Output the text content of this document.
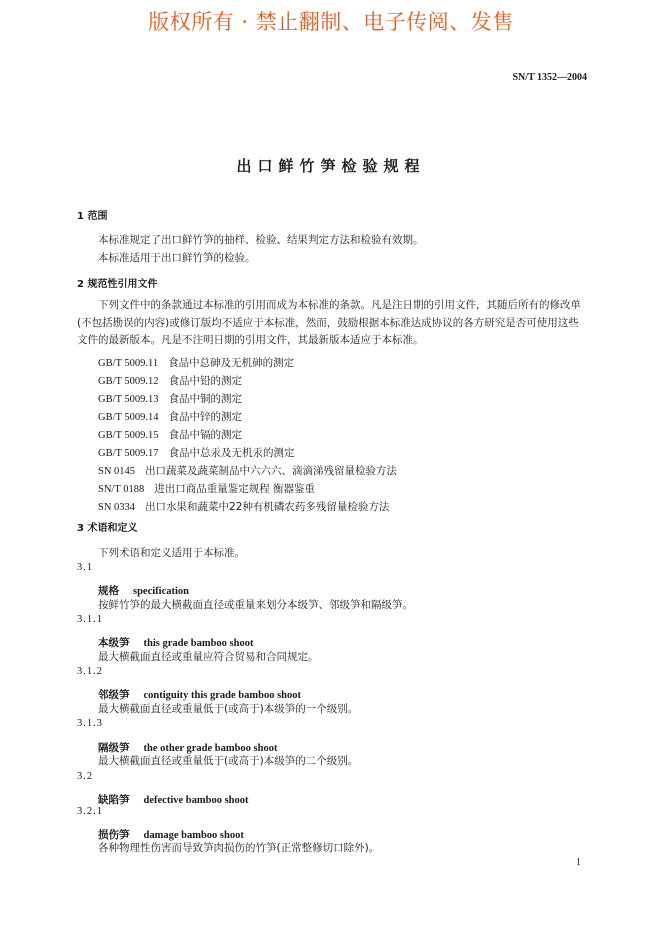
版权所有 · 禁止翻制、电子传阅、发售
SN/T 1352—2004
出口鲜竹笋检验规程
1 范围
本标准规定了出口鲜竹笋的抽样、检验、结果判定方法和检验有效期。
本标准适用于出口鲜竹笋的检验。
2 规范性引用文件
下列文件中的条款通过本标准的引用而成为本标准的条款。凡是注日期的引用文件，其随后所有的修改单(不包括勘误的内容)或修订版均不适应于本标准，然而，鼓励根据本标准达成协议的各方研究是否可使用这些文件的最新版本。凡是不注明日期的引用文件，其最新版本适应于本标准。
GB/T 5009.11 食品中总砷及无机砷的测定
GB/T 5009.12 食品中铅的测定
GB/T 5009.13 食品中铜的测定
GB/T 5009.14 食品中锌的测定
GB/T 5009.15 食品中镉的测定
GB/T 5009.17 食品中总汞及无机汞的测定
SN 0145 出口蔬菜及蔬菜制品中六六六、滴滴涕残留量检验方法
SN/T 0188 进出口商品重量鉴定规程 衡器鉴重
SN 0334 出口水果和蔬菜中22种有机磷农药多残留量检验方法
3 术语和定义
下列术语和定义适用于本标准。
3.1
规格 specification
按鲜竹笋的最大横截面直径或重量来划分本级笋、邻级笋和隔级笋。
3.1.1
本级笋 this grade bamboo shoot
最大横截面直径或重量应符合贸易和合同规定。
3.1.2
邻级笋 contiguity this grade bamboo shoot
最大横截面直径或重量低于(或高于)本级笋的一个级别。
3.1.3
隔级笋 the other grade bamboo shoot
最大横截面直径或重量低于(或高于)本级笋的二个级别。
3.2
缺陷笋 defective bamboo shoot
3.2.1
损伤笋 damage bamboo shoot
各种物理性伤害而导致笋肉损伤的竹笋(正常整修切口除外)。
1
